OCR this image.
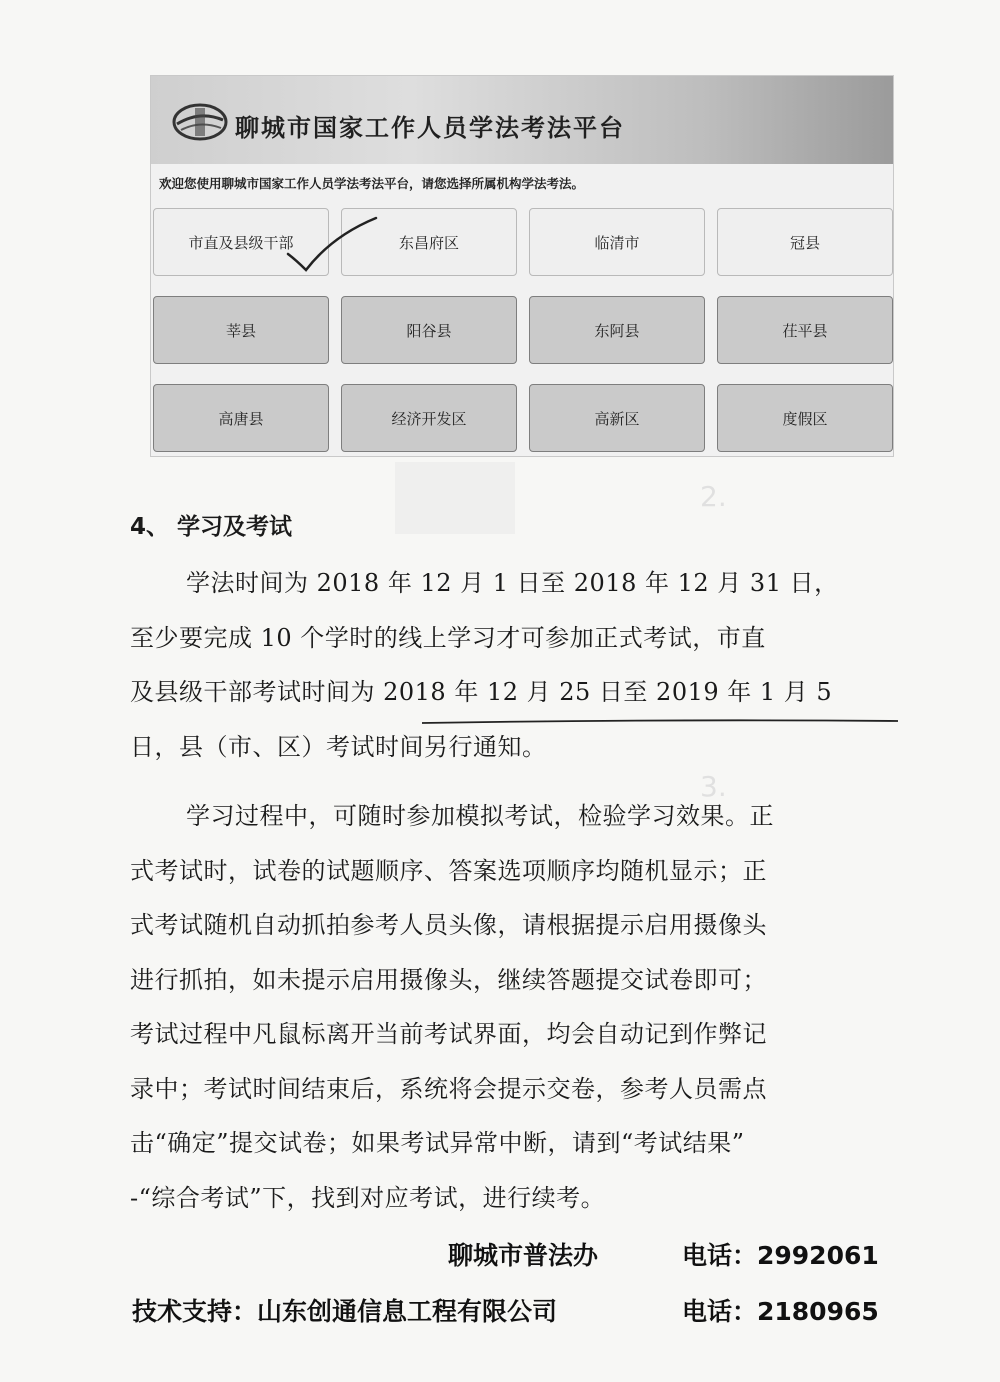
2.
3.
聊城市国家工作人员学法考法平台
欢迎您使用聊城市国家工作人员学法考法平台，请您选择所属机构学法考法。
市直及县级干部	东昌府区	临清市	冠县
莘县	阳谷县	东阿县	茌平县
高唐县	经济开发区	高新区	度假区
4、 学习及考试
学法时间为 2018 年 12 月 1 日至 2018 年 12 月 31 日，
至少要完成 10 个学时的线上学习才可参加正式考试，市直
及县级干部考试时间为 2018 年 12 月 25 日至 2019 年 1 月 5
日，县（市、区）考试时间另行通知。
学习过程中，可随时参加模拟考试，检验学习效果。正
式考试时，试卷的试题顺序、答案选项顺序均随机显示；正
式考试随机自动抓拍参考人员头像，请根据提示启用摄像头
进行抓拍，如未提示启用摄像头，继续答题提交试卷即可；
考试过程中凡鼠标离开当前考试界面，均会自动记到作弊记
录中；考试时间结束后，系统将会提示交卷，参考人员需点
击“确定”提交试卷；如果考试异常中断，请到“考试结果”
-“综合考试”下，找到对应考试，进行续考。
聊城市普法办	电话：2992061
技术支持：山东创通信息工程有限公司	电话：2180965
